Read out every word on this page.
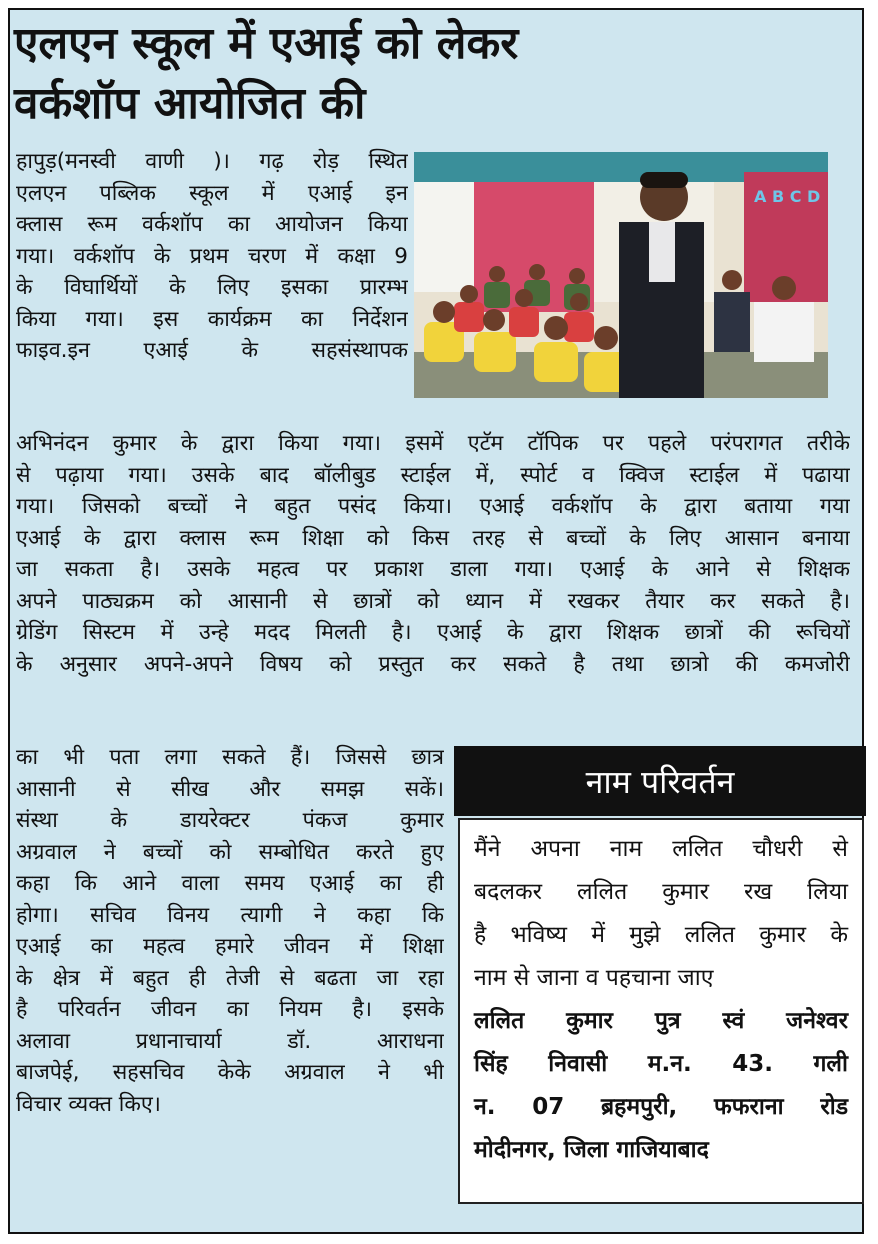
एलएन स्कूल में एआई को लेकर
वर्कशॉप आयोजित की
हापुड़(मनस्वी वाणी )। गढ़ रोड़ स्थित
एलएन पब्लिक स्कूल में एआई इन
क्लास रूम वर्कशॉप का आयोजन किया
गया। वर्कशॉप के प्रथम चरण में कक्षा 9
के विघार्थियों के लिए इसका प्रारम्भ
किया गया। इस कार्यक्रम का निर्देशन
फाइव.इन एआई के सहसंस्थापक
A B C D
अभिनंदन कुमार के द्वारा किया गया। इसमें एटॅम टॉपिक पर पहले परंपरागत तरीके
से पढ़ाया गया। उसके बाद बॉलीबुड स्टाईल में, स्पोर्ट व क्विज स्टाईल में पढाया
गया। जिसको बच्चों ने बहुत पसंद किया। एआई वर्कशॉप के द्वारा बताया गया
एआई के द्वारा क्लास रूम शिक्षा को किस तरह से बच्चों के लिए आसान बनाया
जा सकता है। उसके महत्व पर प्रकाश डाला गया। एआई के आने से शिक्षक
अपने पाठ्यक्रम को आसानी से छात्रों को ध्यान में रखकर तैयार कर सकते है।
ग्रेडिंग सिस्टम में उन्हे मदद मिलती है। एआई के द्वारा शिक्षक छात्रों की रूचियों
के अनुसार अपने-अपने विषय को प्रस्तुत कर सकते है तथा छात्रो की कमजोरी
का भी पता लगा सकते हैं। जिससे छात्र
आसानी से सीख और समझ सकें।
संस्था के डायरेक्टर पंकज कुमार
अग्रवाल ने बच्चों को सम्बोधित करते हुए
कहा कि आने वाला समय एआई का ही
होगा। सचिव विनय त्यागी ने कहा कि
एआई का महत्व हमारे जीवन में शिक्षा
के क्षेत्र में बहुत ही तेजी से बढता जा रहा
है परिवर्तन जीवन का नियम है। इसके
अलावा प्रधानाचार्या डॉ. आराधना
बाजपेई, सहसचिव केके अग्रवाल ने भी
विचार व्यक्त किए।
नाम परिवर्तन
मैंने अपना नाम ललित चौधरी से
बदलकर ललित कुमार रख लिया
है भविष्य में मुझे ललित कुमार के
नाम से जाना व पहचाना जाए
ललित कुमार पुत्र स्वं जनेश्वर
सिंह निवासी म.न. 43. गली
न. 07 ब्रहमपुरी, फफराना रोड
मोदीनगर, जिला गाजियाबाद
